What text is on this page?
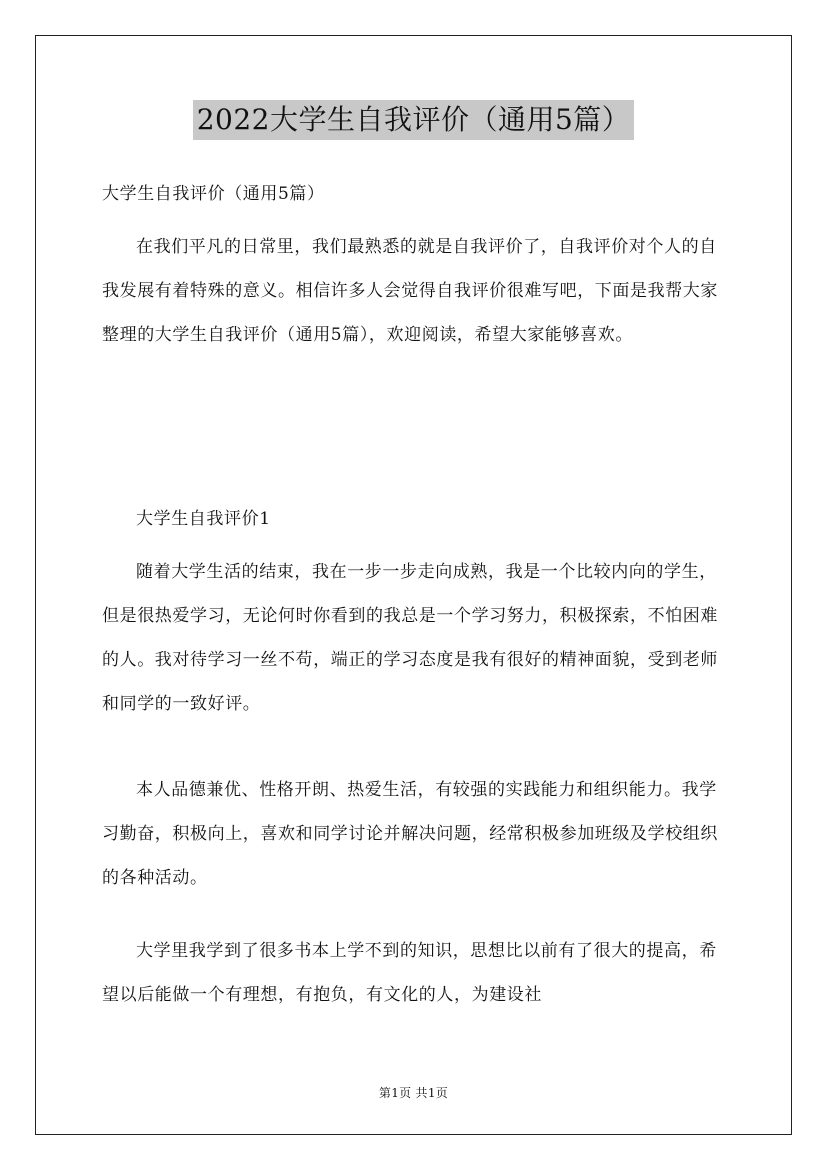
2022大学生自我评价（通用5篇）
大学生自我评价（通用5篇）

在我们平凡的日常里，我们最熟悉的就是自我评价了，自我评价对个人的自我发展有着特殊的意义。相信许多人会觉得自我评价很难写吧，下面是我帮大家整理的大学生自我评价（通用5篇），欢迎阅读，希望大家能够喜欢。

大学生自我评价1

随着大学生活的结束，我在一步一步走向成熟，我是一个比较内向的学生，但是很热爱学习，无论何时你看到的我总是一个学习努力，积极探索，不怕困难的人。我对待学习一丝不苟，端正的学习态度是我有很好的精神面貌，受到老师和同学的一致好评。

本人品德兼优、性格开朗、热爱生活，有较强的实践能力和组织能力。我学习勤奋，积极向上，喜欢和同学讨论并解决问题，经常积极参加班级及学校组织的各种活动。

大学里我学到了很多书本上学不到的知识，思想比以前有了很大的提高，希望以后能做一个有理想，有抱负，有文化的人，为建设社

第1页 共1页
